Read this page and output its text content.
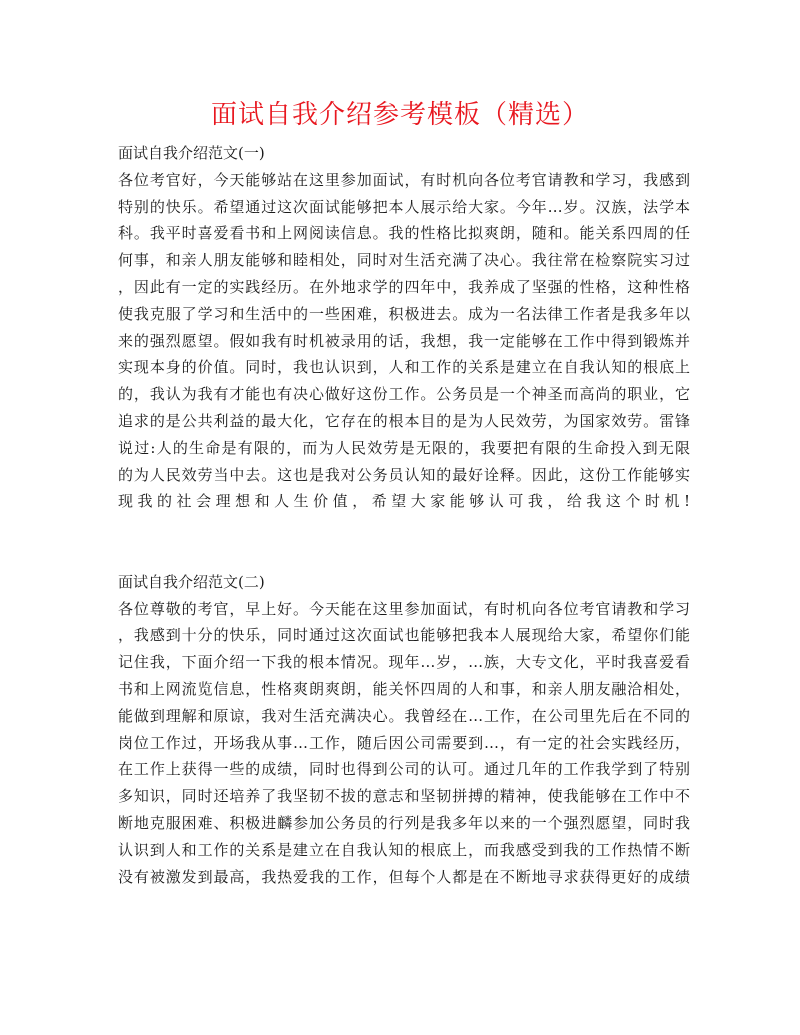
面试自我介绍参考模板（精选）
面试自我介绍范文(一)
各位考官好，今天能够站在这里参加面试，有时机向各位考官请教和学习，我感到
特别的快乐。希望通过这次面试能够把本人展示给大家。今年…岁。汉族，法学本
科。我平时喜爱看书和上网阅读信息。我的性格比拟爽朗，随和。能关系四周的任
何事，和亲人朋友能够和睦相处，同时对生活充满了决心。我往常在检察院实习过
，因此有一定的实践经历。在外地求学的四年中，我养成了坚强的性格，这种性格
使我克服了学习和生活中的一些困难，积极进去。成为一名法律工作者是我多年以
来的强烈愿望。假如我有时机被录用的话，我想，我一定能够在工作中得到锻炼并
实现本身的价值。同时，我也认识到，人和工作的关系是建立在自我认知的根底上
的，我认为我有才能也有决心做好这份工作。公务员是一个神圣而高尚的职业，它
追求的是公共利益的最大化，它存在的根本目的是为人民效劳，为国家效劳。雷锋
说过:人的生命是有限的，而为人民效劳是无限的，我要把有限的生命投入到无限
的为人民效劳当中去。这也是我对公务员认知的最好诠释。因此，这份工作能够实
现我的社会理想和人生价值，希望大家能够认可我，给我这个时机!
面试自我介绍范文(二)
各位尊敬的考官，早上好。今天能在这里参加面试，有时机向各位考官请教和学习
，我感到十分的快乐，同时通过这次面试也能够把我本人展现给大家，希望你们能
记住我，下面介绍一下我的根本情况。现年…岁，…族，大专文化，平时我喜爱看
书和上网流览信息，性格爽朗爽朗，能关怀四周的人和事，和亲人朋友融洽相处，
能做到理解和原谅，我对生活充满决心。我曾经在…工作，在公司里先后在不同的
岗位工作过，开场我从事…工作，随后因公司需要到…，有一定的社会实践经历，
在工作上获得一些的成绩，同时也得到公司的认可。通过几年的工作我学到了特别
多知识，同时还培养了我坚韧不拔的意志和坚韧拼搏的精神，使我能够在工作中不
断地克服困难、积极进麟参加公务员的行列是我多年以来的一个强烈愿望，同时我
认识到人和工作的关系是建立在自我认知的根底上，而我感受到我的工作热情不断
没有被激发到最高，我热爱我的工作，但每个人都是在不断地寻求获得更好的成绩
